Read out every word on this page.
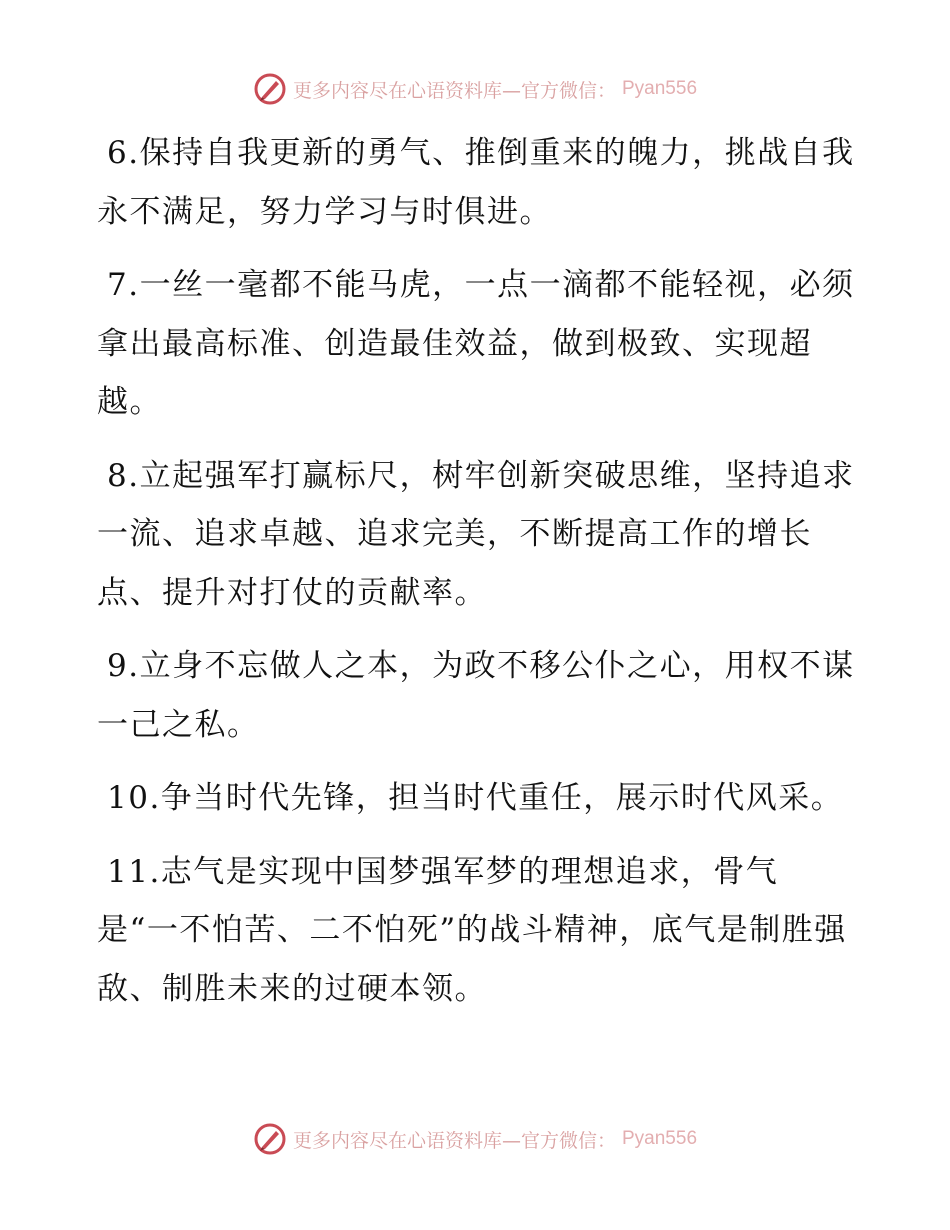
更多内容尽在心语资料库—官方微信： Pyan556

6.保持自我更新的勇气、推倒重来的魄力，挑战自我永不满足，努力学习与时俱进。

7.一丝一毫都不能马虎，一点一滴都不能轻视，必须拿出最高标准、创造最佳效益，做到极致、实现超越。

8.立起强军打赢标尺，树牢创新突破思维，坚持追求一流、追求卓越、追求完美，不断提高工作的增长点、提升对打仗的贡献率。

9.立身不忘做人之本，为政不移公仆之心，用权不谋一己之私。

10.争当时代先锋，担当时代重任，展示时代风采。

11.志气是实现中国梦强军梦的理想追求，骨气是“一不怕苦、二不怕死”的战斗精神，底气是制胜强敌、制胜未来的过硬本领。

更多内容尽在心语资料库—官方微信： Pyan556
